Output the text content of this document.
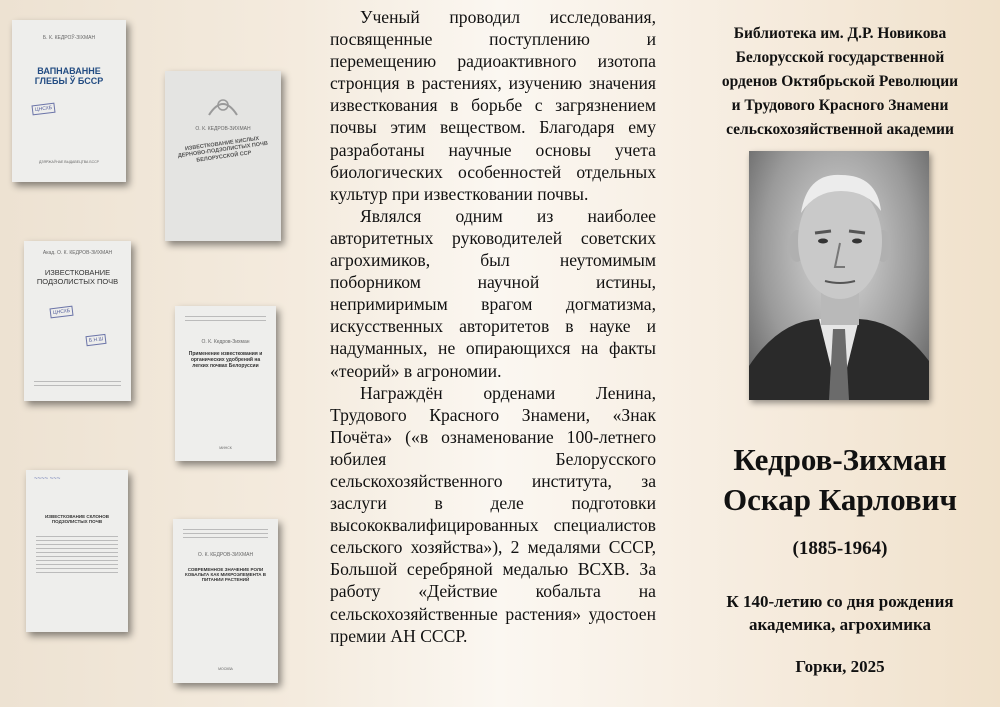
Б. К. КЕДРОЎ-ЗІХМАН
ВАПНАВАННЕ ГЛЕБЫ Ў БССР
ЦНСХБ
ДЗЯРЖАЎНАЕ ВЫДАВЕЦТВА БССР
О. К. КЕДРОВ-ЗИХМАН
ИЗВЕСТКОВАНИЕ КИСЛЫХ ДЕРНОВО-ПОДЗОЛИСТЫХ ПОЧВ БЕЛОРУССКОЙ ССР
Акад. О. К. КЕДРОВ-ЗИХМАН
ИЗВЕСТКОВАНИЕ ПОДЗОЛИСТЫХ ПОЧВ
ЦНСХБ
Б.Н.Ш	О. К. Кедров-Зихман
Применение известкования и органических удобрений на легких почвах Белоруссии
МИНСК
~~~~ ~~~
ИЗВЕСТКОВАНИЕ СКЛОНОВ ПОДЗОЛИСТЫХ ПОЧВ
О. К. КЕДРОВ-ЗИХМАН
СОВРЕМЕННОЕ ЗНАЧЕНИЕ РОЛИ КОБАЛЬТА КАК МИКРОЭЛЕМЕНТА В ПИТАНИИ РАСТЕНИЙ
МОСКВА

Ученый проводил исследования, посвященные поступлению и перемещению радиоактивного изотопа стронция в растениях, изучению значения известкования в борьбе с загрязнением почвы этим веществом. Благодаря ему разработаны научные основы учета биологических особенностей отдельных культур при известковании почвы.

Являлся одним из наиболее авторитетных руководителей советских агрохимиков, был неутомимым поборником научной истины, непримиримым врагом догматизма, искусственных авторитетов в науке и надуманных, не опирающихся на факты «теорий» в агрономии.

Награждён орденами Ленина, Трудового Красного Знамени, «Знак Почёта» («в ознаменование 100-летнего юбилея Белорусского сельскохозяйственного института, за заслуги в деле подготовки высококвалифицированных специалистов сельского хозяйства»), 2 медалями СССР, Большой серебряной медалью ВСХВ. За работу «Действие кобальта на сельскохозяйственные растения» удостоен премии АН СССР.

Библиотека им. Д.Р. Новикова
Белорусской государственной
орденов Октябрьской Революции
и Трудового Красного Знамени
сельскохозяйственной академии
Кедров-Зихман
Оскар Карлович
(1885-1964)
К 140-летию со дня рождения
академика, агрохимика
Горки, 2025
